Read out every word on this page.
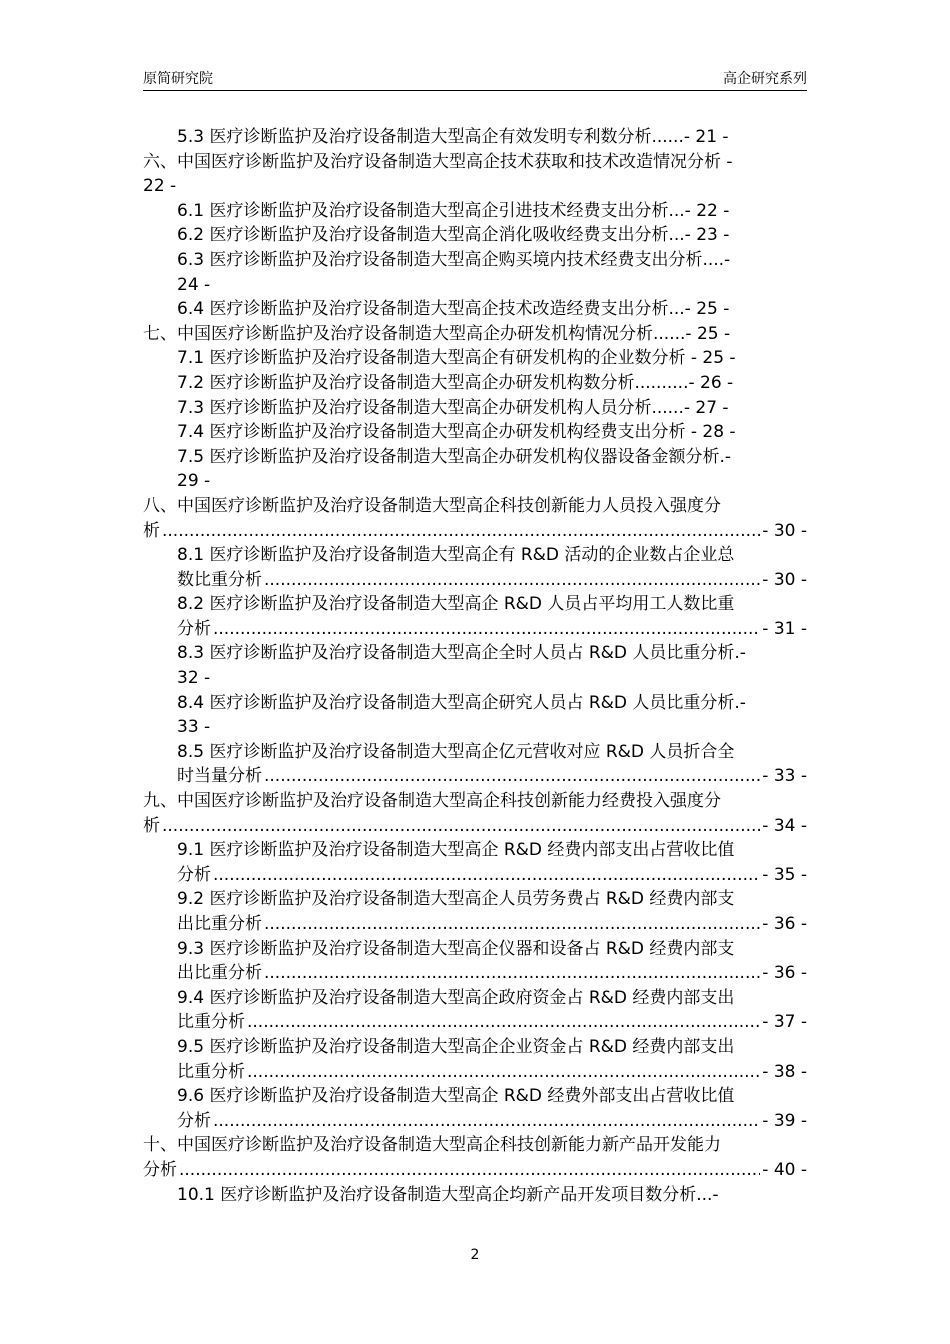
原简研究院	高企研究系列
5.3 医疗诊断监护及治疗设备制造大型高企有效发明专利数分析......- 21 -
六、中国医疗诊断监护及治疗设备制造大型高企技术获取和技术改造情况分析 -
22 -
6.1 医疗诊断监护及治疗设备制造大型高企引进技术经费支出分析...- 22 -
6.2 医疗诊断监护及治疗设备制造大型高企消化吸收经费支出分析...- 23 -
6.3 医疗诊断监护及治疗设备制造大型高企购买境内技术经费支出分析....-
24 -
6.4 医疗诊断监护及治疗设备制造大型高企技术改造经费支出分析...- 25 -
七、中国医疗诊断监护及治疗设备制造大型高企办研发机构情况分析......- 25 -
7.1 医疗诊断监护及治疗设备制造大型高企有研发机构的企业数分析 - 25 -
7.2 医疗诊断监护及治疗设备制造大型高企办研发机构数分析..........- 26 -
7.3 医疗诊断监护及治疗设备制造大型高企办研发机构人员分析......- 27 -
7.4 医疗诊断监护及治疗设备制造大型高企办研发机构经费支出分析 - 28 -
7.5 医疗诊断监护及治疗设备制造大型高企办研发机构仪器设备金额分析.-
29 -
八、中国医疗诊断监护及治疗设备制造大型高企科技创新能力人员投入强度分
析 .....	- 30 -
8.1 医疗诊断监护及治疗设备制造大型高企有 R&D 活动的企业数占企业总
数比重分析 .....	- 30 -
8.2 医疗诊断监护及治疗设备制造大型高企 R&D 人员占平均用工人数比重
分析 .....	- 31 -
8.3 医疗诊断监护及治疗设备制造大型高企全时人员占 R&D 人员比重分析.-
32 -
8.4 医疗诊断监护及治疗设备制造大型高企研究人员占 R&D 人员比重分析.-
33 -
8.5 医疗诊断监护及治疗设备制造大型高企亿元营收对应 R&D 人员折合全
时当量分析 .....	- 33 -
九、中国医疗诊断监护及治疗设备制造大型高企科技创新能力经费投入强度分
析 .....	- 34 -
9.1 医疗诊断监护及治疗设备制造大型高企 R&D 经费内部支出占营收比值
分析 .....	- 35 -
9.2 医疗诊断监护及治疗设备制造大型高企人员劳务费占 R&D 经费内部支
出比重分析 .....	- 36 -
9.3 医疗诊断监护及治疗设备制造大型高企仪器和设备占 R&D 经费内部支
出比重分析 .....	- 36 -
9.4 医疗诊断监护及治疗设备制造大型高企政府资金占 R&D 经费内部支出
比重分析 .....	- 37 -
9.5 医疗诊断监护及治疗设备制造大型高企企业资金占 R&D 经费内部支出
比重分析 .....	- 38 -
9.6 医疗诊断监护及治疗设备制造大型高企 R&D 经费外部支出占营收比值
分析 .....	- 39 -
十、中国医疗诊断监护及治疗设备制造大型高企科技创新能力新产品开发能力
分析 .....	- 40 -
10.1 医疗诊断监护及治疗设备制造大型高企均新产品开发项目数分析...-
2
